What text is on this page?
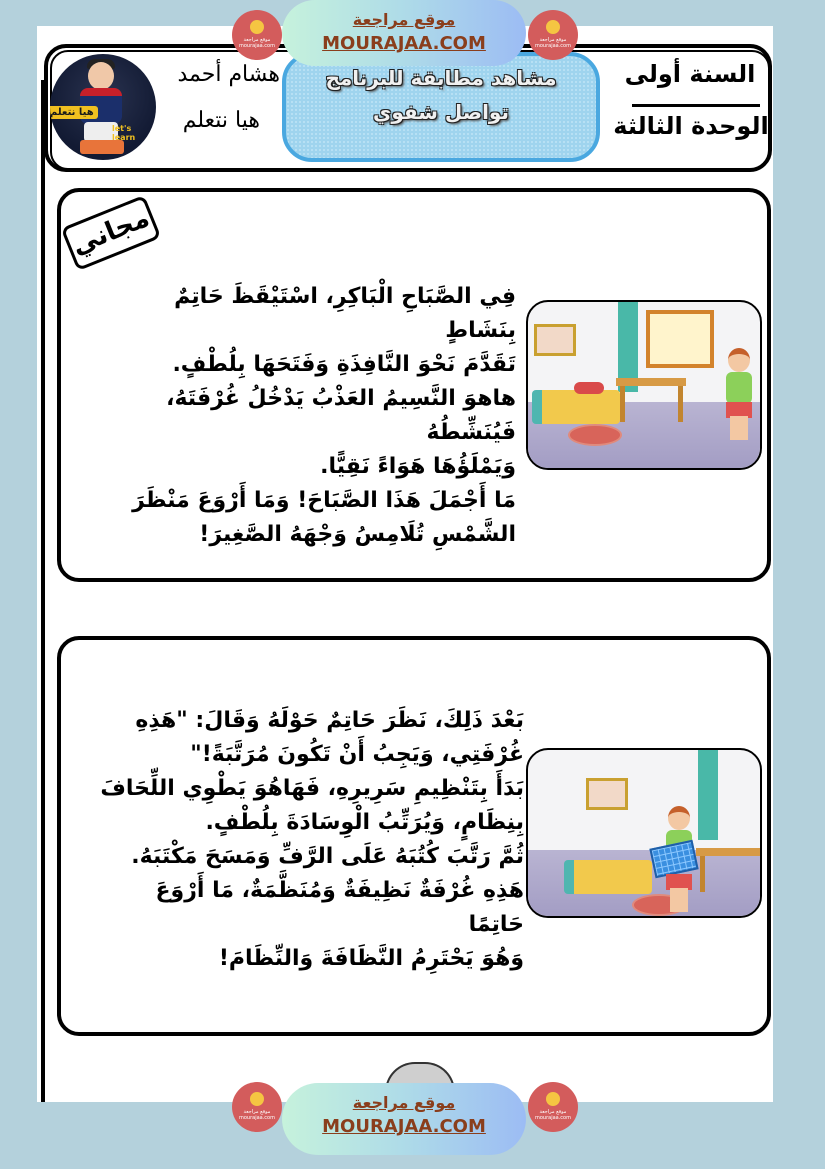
هيا نتعلم
let's learn
هشام أحمد
هيا نتعلم
مشاهد مطابقة للبرنامج
تواصل شفوي
السنة أولى
الوحدة الثالثة
مجاني

فِي الصَّبَاحِ الْبَاكِرِ، اسْتَيْقَظَ حَاتِمٌ بِنَشَاطٍ

تَقَدَّمَ نَحْوَ النَّافِذَةِ وَفَتَحَهَا بِلُطْفٍ.

هاهوَ النَّسِيمُ العَذْبُ يَدْخُلُ غُرْفَتَهُ، فَيُنَشِّطُهُ

وَيَمْلَؤُهَا هَوَاءً نَقِيًّا.

مَا أَجْمَلَ هَذَا الصَّبَاحَ! وَمَا أَرْوَعَ مَنْظَرَ

الشَّمْسِ تُلَامِسُ وَجْهَهُ الصَّغِيرَ!

بَعْدَ ذَلِكَ، نَظَرَ حَاتِمٌ حَوْلَهُ وَقَالَ: "هَذِهِ

غُرْفَتِي، وَيَجِبُ أَنْ تَكُونَ مُرَتَّبَةً!"

بَدَأَ بِتَنْظِيمِ سَرِيرِهِ، فَهَاهُوَ يَطْوِي اللِّحَافَ

بِنِظَامٍ، وَيُرَتِّبُ الْوِسَادَةَ بِلُطْفٍ.

ثُمَّ رَتَّبَ كُتُبَهُ عَلَى الرَّفِّ وَمَسَحَ مَكْتَبَهُ.

هَذِهِ غُرْفَةٌ نَظِيفَةٌ وَمُنَظَّمَةٌ، مَا أَرْوَعَ حَاتِمًا

وَهُوَ يَحْتَرِمُ النَّظَافَةَ وَالنِّظَامَ!

موقع مراجعة mourajaa.com
موقع مراجعة
MOURAJAA.COM	موقع مراجعة mourajaa.com
موقع مراجعة mourajaa.com
موقع مراجعة
MOURAJAA.COM
موقع مراجعة mourajaa.com
